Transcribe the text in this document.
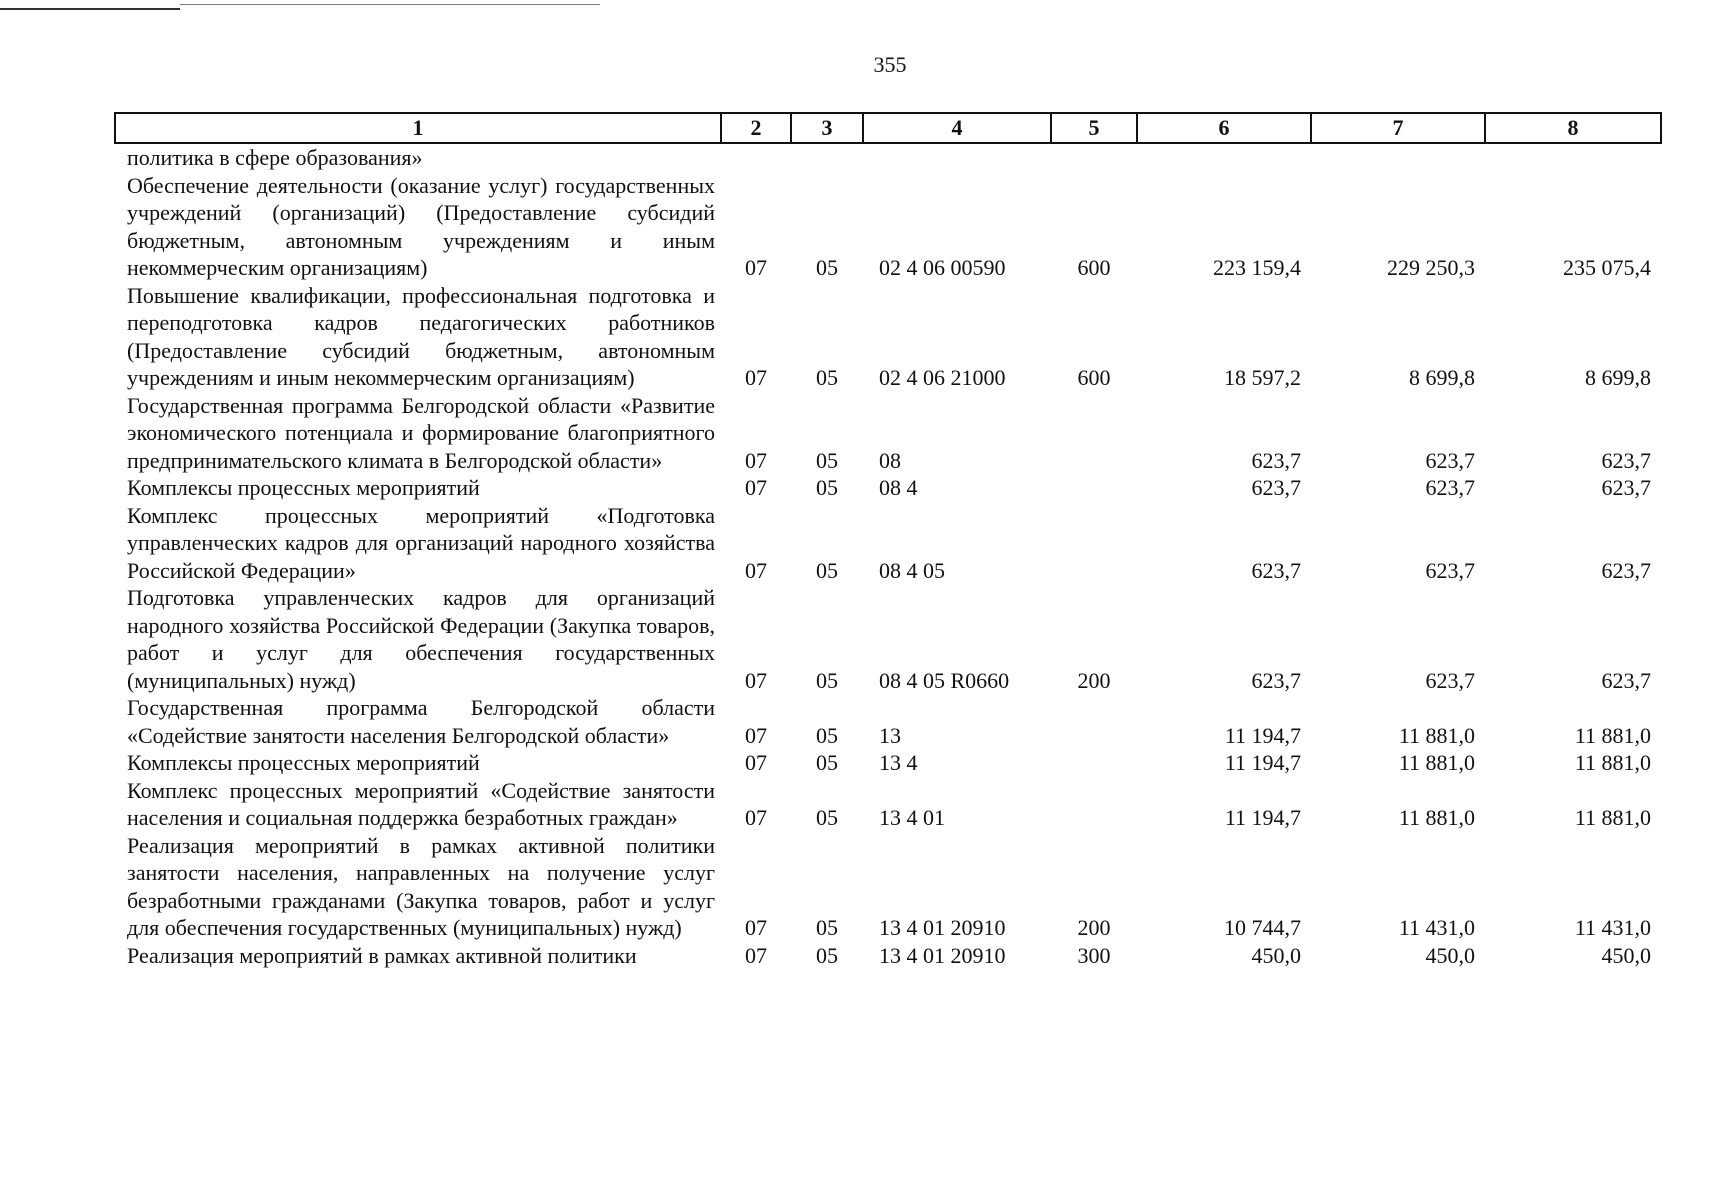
355
1	2	3	4	5	6	7	8
политика в сфере образования»							
Обеспечение деятельности (оказание услуг) государственных учреждений (организаций) (Предоставление субсидий бюджетным, автономным учреждениям и иным некоммерческим организациям)	07	05	02 4 06 00590	600	223 159,4	229 250,3	235 075,4
Повышение квалификации, профессиональная подготовка и переподготовка кадров педагогических работников (Предоставление субсидий бюджетным, автономным учреждениям и иным некоммерческим организациям)	07	05	02 4 06 21000	600	18 597,2	8 699,8	8 699,8
Государственная программа Белгородской области «Развитие экономического потенциала и формирование благоприятного предпринимательского климата в Белгородской области»	07	05	08		623,7	623,7	623,7
Комплексы процессных мероприятий	07	05	08 4		623,7	623,7	623,7
Комплекс процессных мероприятий «Подготовка управленческих кадров для организаций народного хозяйства Российской Федерации»	07	05	08 4 05		623,7	623,7	623,7
Подготовка управленческих кадров для организаций народного хозяйства Российской Федерации (Закупка товаров, работ и услуг для обеспечения государственных (муниципальных) нужд)	07	05	08 4 05 R0660	200	623,7	623,7	623,7
Государственная программа Белгородской области «Содействие занятости населения Белгородской области»	07	05	13		11 194,7	11 881,0	11 881,0
Комплексы процессных мероприятий	07	05	13 4		11 194,7	11 881,0	11 881,0
Комплекс процессных мероприятий «Содействие занятости населения и социальная поддержка безработных граждан»	07	05	13 4 01		11 194,7	11 881,0	11 881,0
Реализация мероприятий в рамках активной политики занятости населения, направленных на получение услуг безработными гражданами (Закупка товаров, работ и услуг для обеспечения государственных (муниципальных) нужд)	07	05	13 4 01 20910	200	10 744,7	11 431,0	11 431,0
Реализация мероприятий в рамках активной политики	07	05	13 4 01 20910	300	450,0	450,0	450,0
